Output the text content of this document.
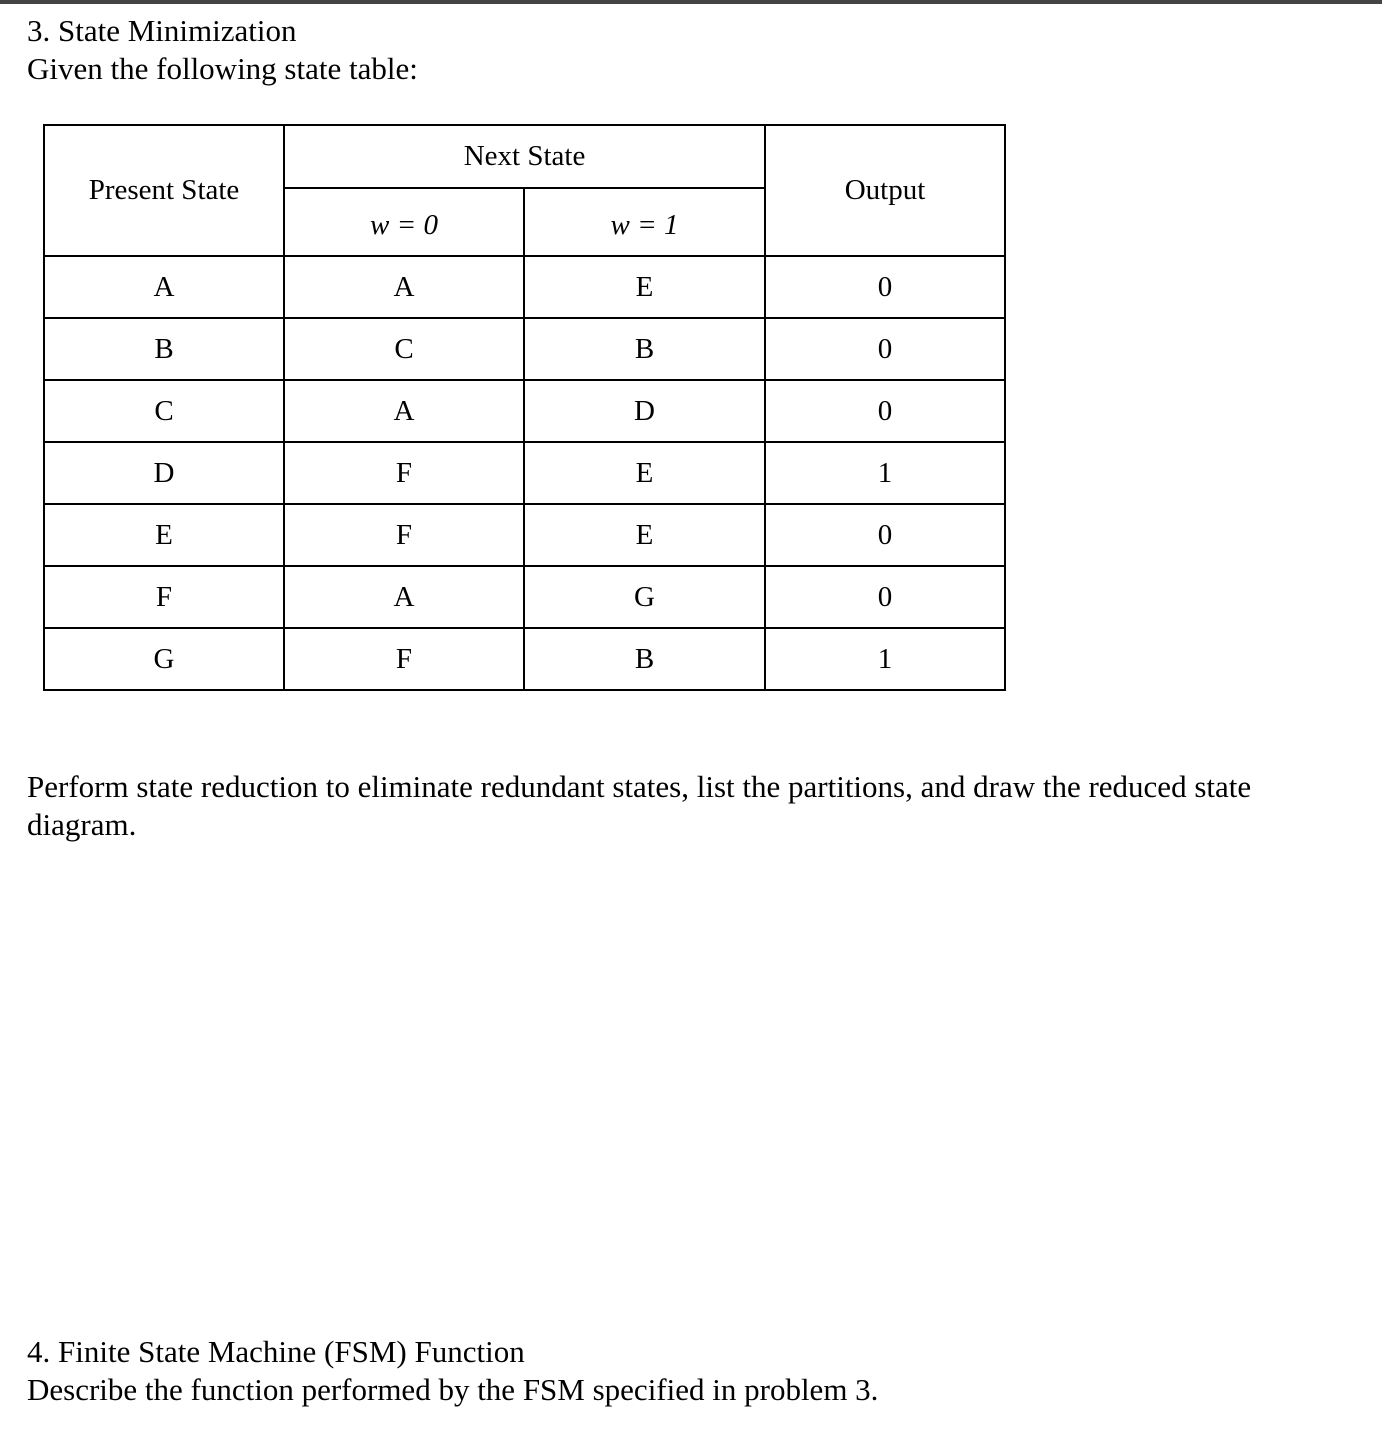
3. State Minimization
Given the following state table:
Present State	Next State		Output
	w = 0	w = 1	
A	A	E	0
B	C	B	0
C	A	D	0
D	F	E	1
E	F	E	0
F	A	G	0
G	F	B	1
Perform state reduction to eliminate redundant states, list the partitions, and draw the reduced state diagram.
4. Finite State Machine (FSM) Function
Describe the function performed by the FSM specified in problem 3.
